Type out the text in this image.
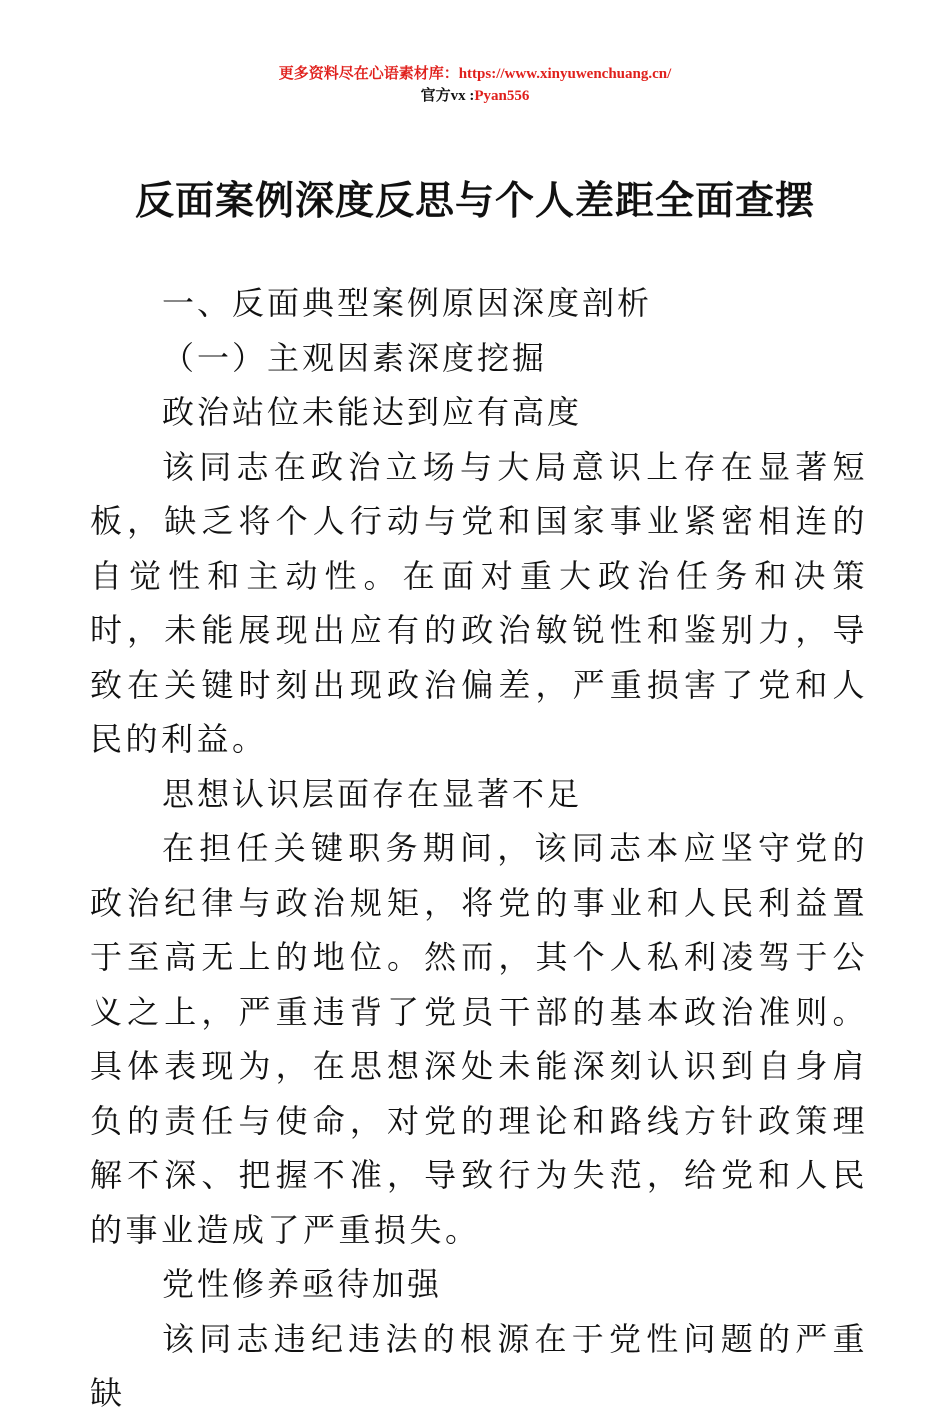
更多资料尽在心语素材库：https://www.xinyuwenchuang.cn/
官方vx :Pyan556
反面案例深度反思与个人差距全面查摆

一、反面典型案例原因深度剖析

（一）主观因素深度挖掘

政治站位未能达到应有高度

该同志在政治立场与大局意识上存在显著短板，缺乏将个人行动与党和国家事业紧密相连的自觉性和主动性。在面对重大政治任务和决策时，未能展现出应有的政治敏锐性和鉴别力，导致在关键时刻出现政治偏差，严重损害了党和人民的利益。

思想认识层面存在显著不足

在担任关键职务期间，该同志本应坚守党的政治纪律与政治规矩，将党的事业和人民利益置于至高无上的地位。然而，其个人私利凌驾于公义之上，严重违背了党员干部的基本政治准则。具体表现为，在思想深处未能深刻认识到自身肩负的责任与使命，对党的理论和路线方针政策理解不深、把握不准，导致行为失范，给党和人民的事业造成了严重损失。

党性修养亟待加强

该同志违纪违法的根源在于党性问题的严重缺
